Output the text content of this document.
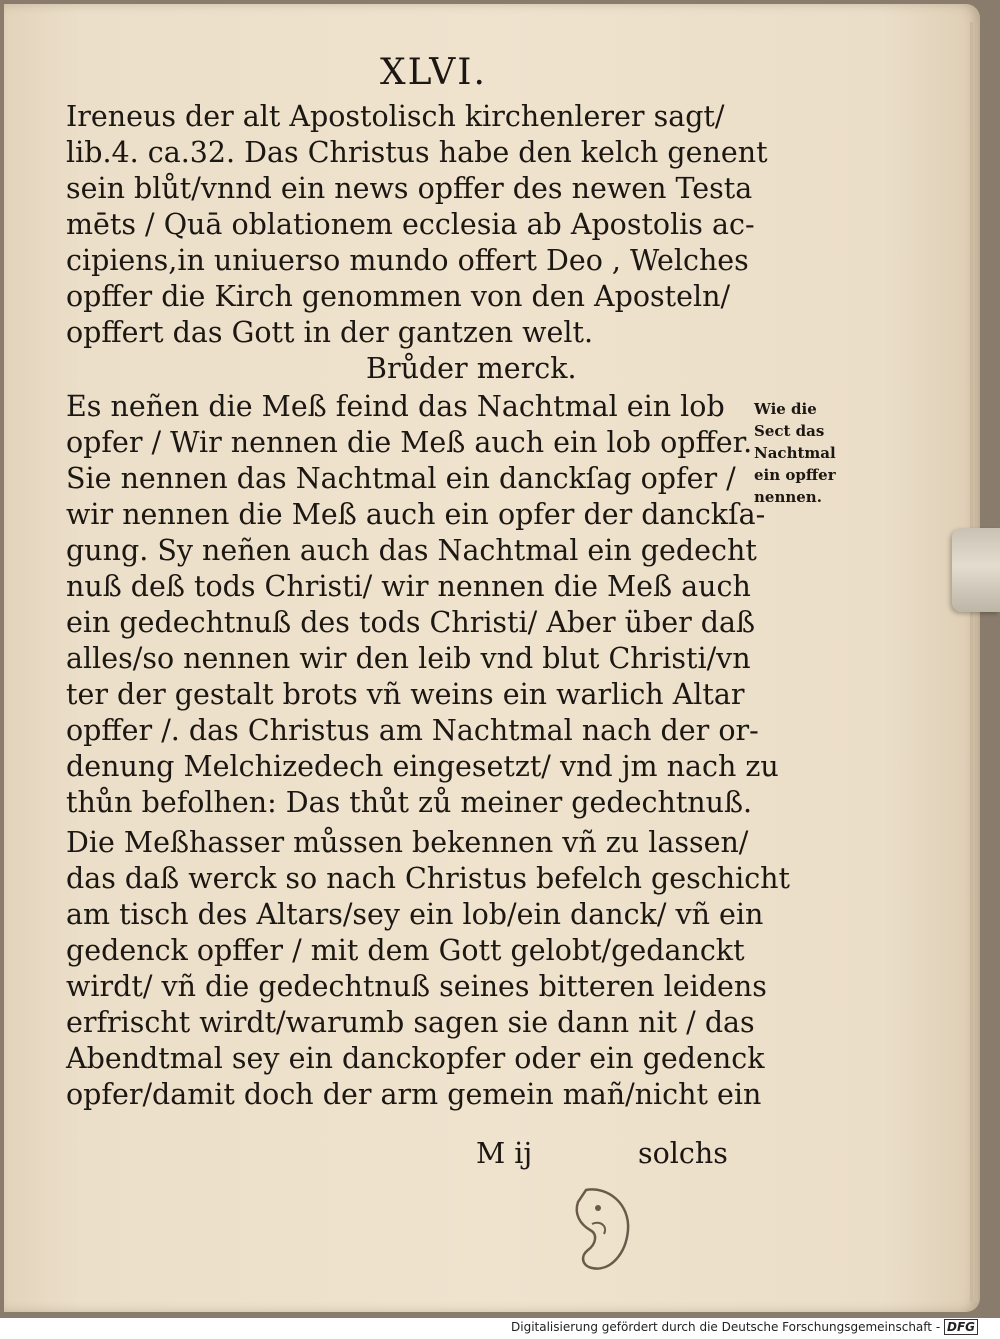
XLVI.
Ireneus der alt Apostolisch kirchenlerer sagt/
lib.4. ca.32. Das Christus habe den kelch genent
sein blůt/vnnd ein news opffer des newen Testa
mēts / Quā oblationem ecclesia ab Apostolis ac-
cipiens,in uniuerso mundo offert Deo , Welches
opffer die Kirch genommen von den Aposteln/
opffert das Gott in der gantzen welt.
Brůder merck.
Es neñen die Meß feind das Nachtmal ein lob
opfer / Wir nennen die Meß auch ein lob opffer.
Sie nennen das Nachtmal ein danckſag opfer /
wir nennen die Meß auch ein opfer der danckſa-
gung. Sy neñen auch das Nachtmal ein gedecht
nuß deß tods Christi/ wir nennen die Meß auch
ein gedechtnuß des tods Christi/ Aber über daß
alles/so nennen wir den leib vnd blut Christi/vn
ter der gestalt brots vñ weins ein warlich Altar
opffer /. das Christus am Nachtmal nach der or-
denung Melchizedech eingesetzt/ vnd jm nach zu
thůn befolhen: Das thůt zů meiner gedechtnuß.
Die Meßhasser můssen bekennen vñ zu lassen/
das daß werck so nach Christus befelch geschicht
am tisch des Altars/sey ein lob/ein danck/ vñ ein
gedenck opffer / mit dem Gott gelobt/gedanckt
wirdt/ vñ die gedechtnuß seines bitteren leidens
erfrischt wirdt/warumb sagen sie dann nit / das
Abendtmal sey ein danckopfer oder ein gedenck
opfer/damit doch der arm gemein mañ/nicht ein
M ij	solchs
Wie die
Sect das
Nachtmal
ein opffer
nennen.
Digitalisierung gefördert durch die Deutsche Forschungsgemeinschaft - DFG
